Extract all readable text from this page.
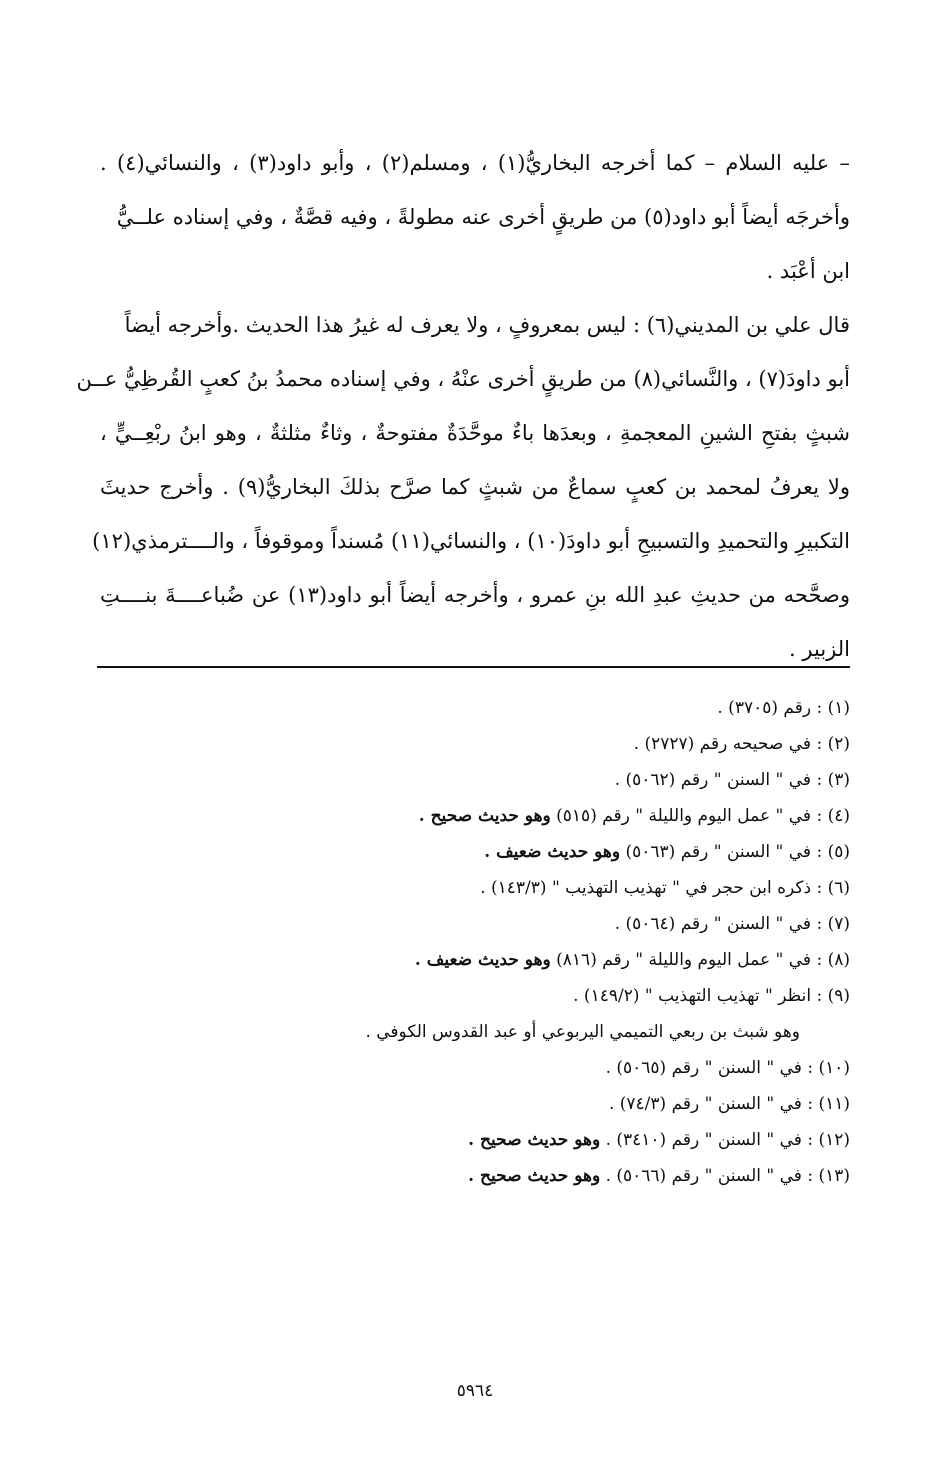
– عليه السلام – كما أخرجه البخاريُّ(١) ، ومسلم(٢) ، وأبو داود(٣) ، والنسائي(٤) .
وأخرجَه أيضاً أبو داود(٥) من طريقٍ أخرى عنه مطولةً ، وفيه قصَّةٌ ، وفي إسناده علــيُّ
ابن أعْبَد .
قال علي بن المديني(٦) : ليس بمعروفٍ ، ولا يعرف له غيرُ هذا الحديث .وأخرجه أيضاً
أبو داودَ(٧) ، والنَّسائي(٨) من طريقٍ أخرى عنْهُ ، وفي إسناده محمدُ بنُ كعبٍ القُرظِيُّ عــن
شبثٍ بفتحِ الشينِ المعجمةِ ، وبعدَها باءٌ موحَّدَةٌ مفتوحةٌ ، وثاءٌ مثلثةٌ ، وهو ابنُ ربْعِــيٍّ ،
ولا يعرفُ لمحمد بن كعبٍ سماعٌ من شبثٍ كما صرَّح بذلكَ البخاريُّ(٩) . وأخرج حديثَ
التكبيرِ والتحميدِ والتسبيحِ أبو داودَ(١٠) ، والنسائي(١١) مُسنداً وموقوفاً ، والــــترمذي(١٢)
وصحَّحه من حديثِ عبدِ الله بنِ عمرو ، وأخرجه أيضاً أبو داود(١٣) عن ضُباعــــةَ بنــــتِ
الزبير .
(١) : رقم (٣٧٠٥) .
(٢) : في صحيحه رقم (٢٧٢٧) .
(٣) : في " السنن " رقم (٥٠٦٢) .
(٤) : في " عمل اليوم والليلة " رقم (٥١٥) وهو حديث صحيح .
(٥) : في " السنن " رقم (٥٠٦٣) وهو حديث ضعيف .
(٦) : ذكره ابن حجر في " تهذيب التهذيب " (١٤٣/٣) .
(٧) : في " السنن " رقم (٥٠٦٤) .
(٨) : في " عمل اليوم والليلة " رقم (٨١٦) وهو حديث ضعيف .
(٩) : انظر " تهذيب التهذيب " (١٤٩/٢) .
وهو شبث بن ربعي التميمي اليربوعي أو عبد القدوس الكوفي .
(١٠) : في " السنن " رقم (٥٠٦٥) .
(١١) : في " السنن " رقم (٧٤/٣) .
(١٢) : في " السنن " رقم (٣٤١٠) . وهو حديث صحيح .
(١٣) : في " السنن " رقم (٥٠٦٦) . وهو حديث صحيح .
٥٩٦٤
